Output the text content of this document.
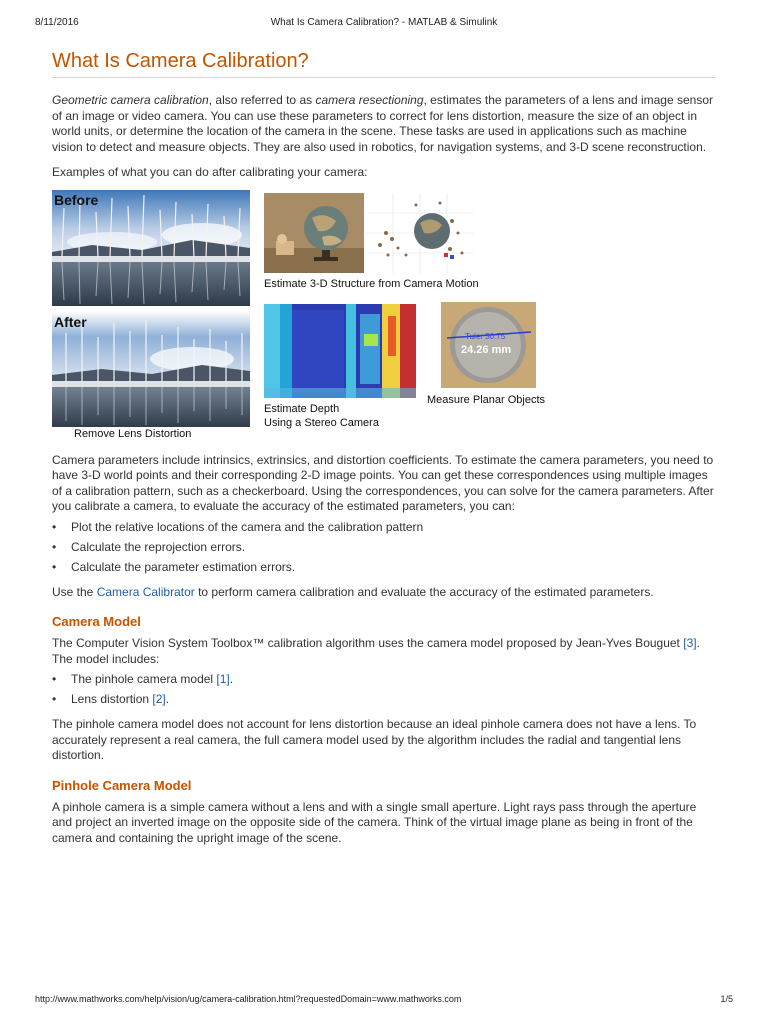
8/11/2016	What Is Camera Calibration? - MATLAB & Simulink
What Is Camera Calibration?

Geometric camera calibration, also referred to as camera resectioning, estimates the parameters of a lens and image sensor of an image or video camera. You can use these parameters to correct for lens distortion, measure the size of an object in world units, or determine the location of the camera in the scene. These tasks are used in applications such as machine vision to detect and measure objects. They are also used in robotics, for navigation systems, and 3-D scene reconstruction.

Examples of what you can do after calibrating your camera:

Before
After
Remove Lens Distortion
Estimate 3-D Structure from Camera Motion
Estimate Depth
Using a Stereo Camera
Tuler 30.75
24.26 mm
Measure Planar Objects

Camera parameters include intrinsics, extrinsics, and distortion coefficients. To estimate the camera parameters, you need to have 3-D world points and their corresponding 2-D image points. You can get these correspondences using multiple images of a calibration pattern, such as a checkerboard. Using the correspondences, you can solve for the camera parameters. After you calibrate a camera, to evaluate the accuracy of the estimated parameters, you can:

• Plot the relative locations of the camera and the calibration pattern
• Calculate the reprojection errors.
• Calculate the parameter estimation errors.

Use the Camera Calibrator to perform camera calibration and evaluate the accuracy of the estimated parameters.

Camera Model

The Computer Vision System Toolbox™ calibration algorithm uses the camera model proposed by Jean-Yves Bouguet [3]. The model includes:

• The pinhole camera model [1].
• Lens distortion [2].

The pinhole camera model does not account for lens distortion because an ideal pinhole camera does not have a lens. To accurately represent a real camera, the full camera model used by the algorithm includes the radial and tangential lens distortion.

Pinhole Camera Model

A pinhole camera is a simple camera without a lens and with a single small aperture. Light rays pass through the aperture and project an inverted image on the opposite side of the camera. Think of the virtual image plane as being in front of the camera and containing the upright image of the scene.

http://www.mathworks.com/help/vision/ug/camera-calibration.html?requestedDomain=www.mathworks.com	1/5
